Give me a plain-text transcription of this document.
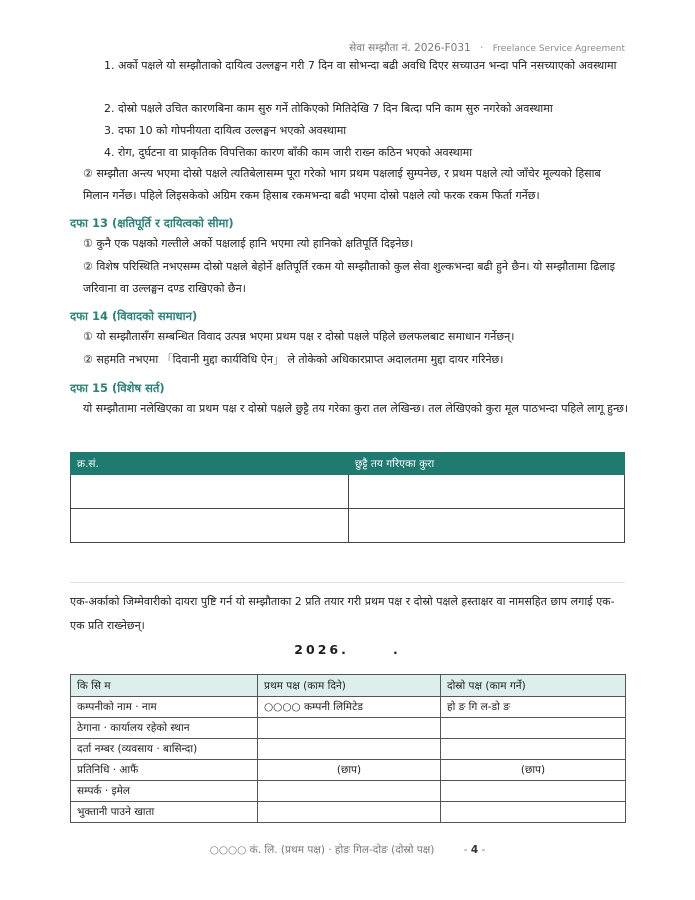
सेवा सम्झौता नं. 2026-F031 · Freelance Service Agreement
1. अर्को पक्षले यो सम्झौताको दायित्व उल्लङ्घन गरी 7 दिन वा सोभन्दा बढी अवधि दिएर सच्याउन भन्दा पनि नसच्याएको अवस्थामा
2. दोस्रो पक्षले उचित कारणबिना काम सुरु गर्ने तोकिएको मितिदेखि 7 दिन बित्दा पनि काम सुरु नगरेको अवस्थामा
3. दफा 10 को गोपनीयता दायित्व उल्लङ्घन भएको अवस्थामा
4. रोग, दुर्घटना वा प्राकृतिक विपत्तिका कारण बाँकी काम जारी राख्न कठिन भएको अवस्थामा
② सम्झौता अन्त्य भएमा दोस्रो पक्षले त्यतिबेलासम्म पूरा गरेको भाग प्रथम पक्षलाई सुम्पनेछ, र प्रथम पक्षले त्यो जाँचेर मूल्यको हिसाब मिलान गर्नेछ। पहिले लिइसकेको अग्रिम रकम हिसाब रकमभन्दा बढी भएमा दोस्रो पक्षले त्यो फरक रकम फिर्ता गर्नेछ।
दफा 13 (क्षतिपूर्ति र दायित्वको सीमा)
① कुनै एक पक्षको गल्तीले अर्को पक्षलाई हानि भएमा त्यो हानिको क्षतिपूर्ति दिइनेछ।
② विशेष परिस्थिति नभएसम्म दोस्रो पक्षले बेहोर्ने क्षतिपूर्ति रकम यो सम्झौताको कुल सेवा शुल्कभन्दा बढी हुने छैन। यो सम्झौतामा ढिलाइ जरिवाना वा उल्लङ्घन दण्ड राखिएको छैन।
दफा 14 (विवादको समाधान)
① यो सम्झौतासँग सम्बन्धित विवाद उत्पन्न भएमा प्रथम पक्ष र दोस्रो पक्षले पहिले छलफलबाट समाधान गर्नेछन्।
② सहमति नभएमा 「दिवानी मुद्दा कार्यविधि ऐन」 ले तोकेको अधिकारप्राप्त अदालतमा मुद्दा दायर गरिनेछ।
दफा 15 (विशेष सर्त)
यो सम्झौतामा नलेखिएका वा प्रथम पक्ष र दोस्रो पक्षले छुट्टै तय गरेका कुरा तल लेखिन्छ। तल लेखिएको कुरा मूल पाठभन्दा पहिले लागू हुन्छ।
क्र.सं.	छुट्टै तय गरिएका कुरा

एक-अर्काको जिम्मेवारीको दायरा पुष्टि गर्न यो सम्झौताका 2 प्रति तयार गरी प्रथम पक्ष र दोस्रो पक्षले हस्ताक्षर वा नामसहित छाप लगाई एक-एक प्रति राख्नेछन्।
2026.      .
कि सि म	प्रथम पक्ष (काम दिने)	दोस्रो पक्ष (काम गर्ने)
कम्पनीको नाम · नाम	○○○○ कम्पनी लिमिटेड	हो ङ गि ल-डो ङ
ठेगाना · कार्यालय रहेको स्थान		
दर्ता नम्बर (व्यवसाय · बासिन्दा)		
प्रतिनिधि · आफैं	(छाप)	(छाप)
सम्पर्क · इमेल		
भुक्तानी पाउने खाता		
○○○○ कं. लि. (प्रथम पक्ष) · होङ गिल-दोङ (दोस्रो पक्ष)	- 4 -
